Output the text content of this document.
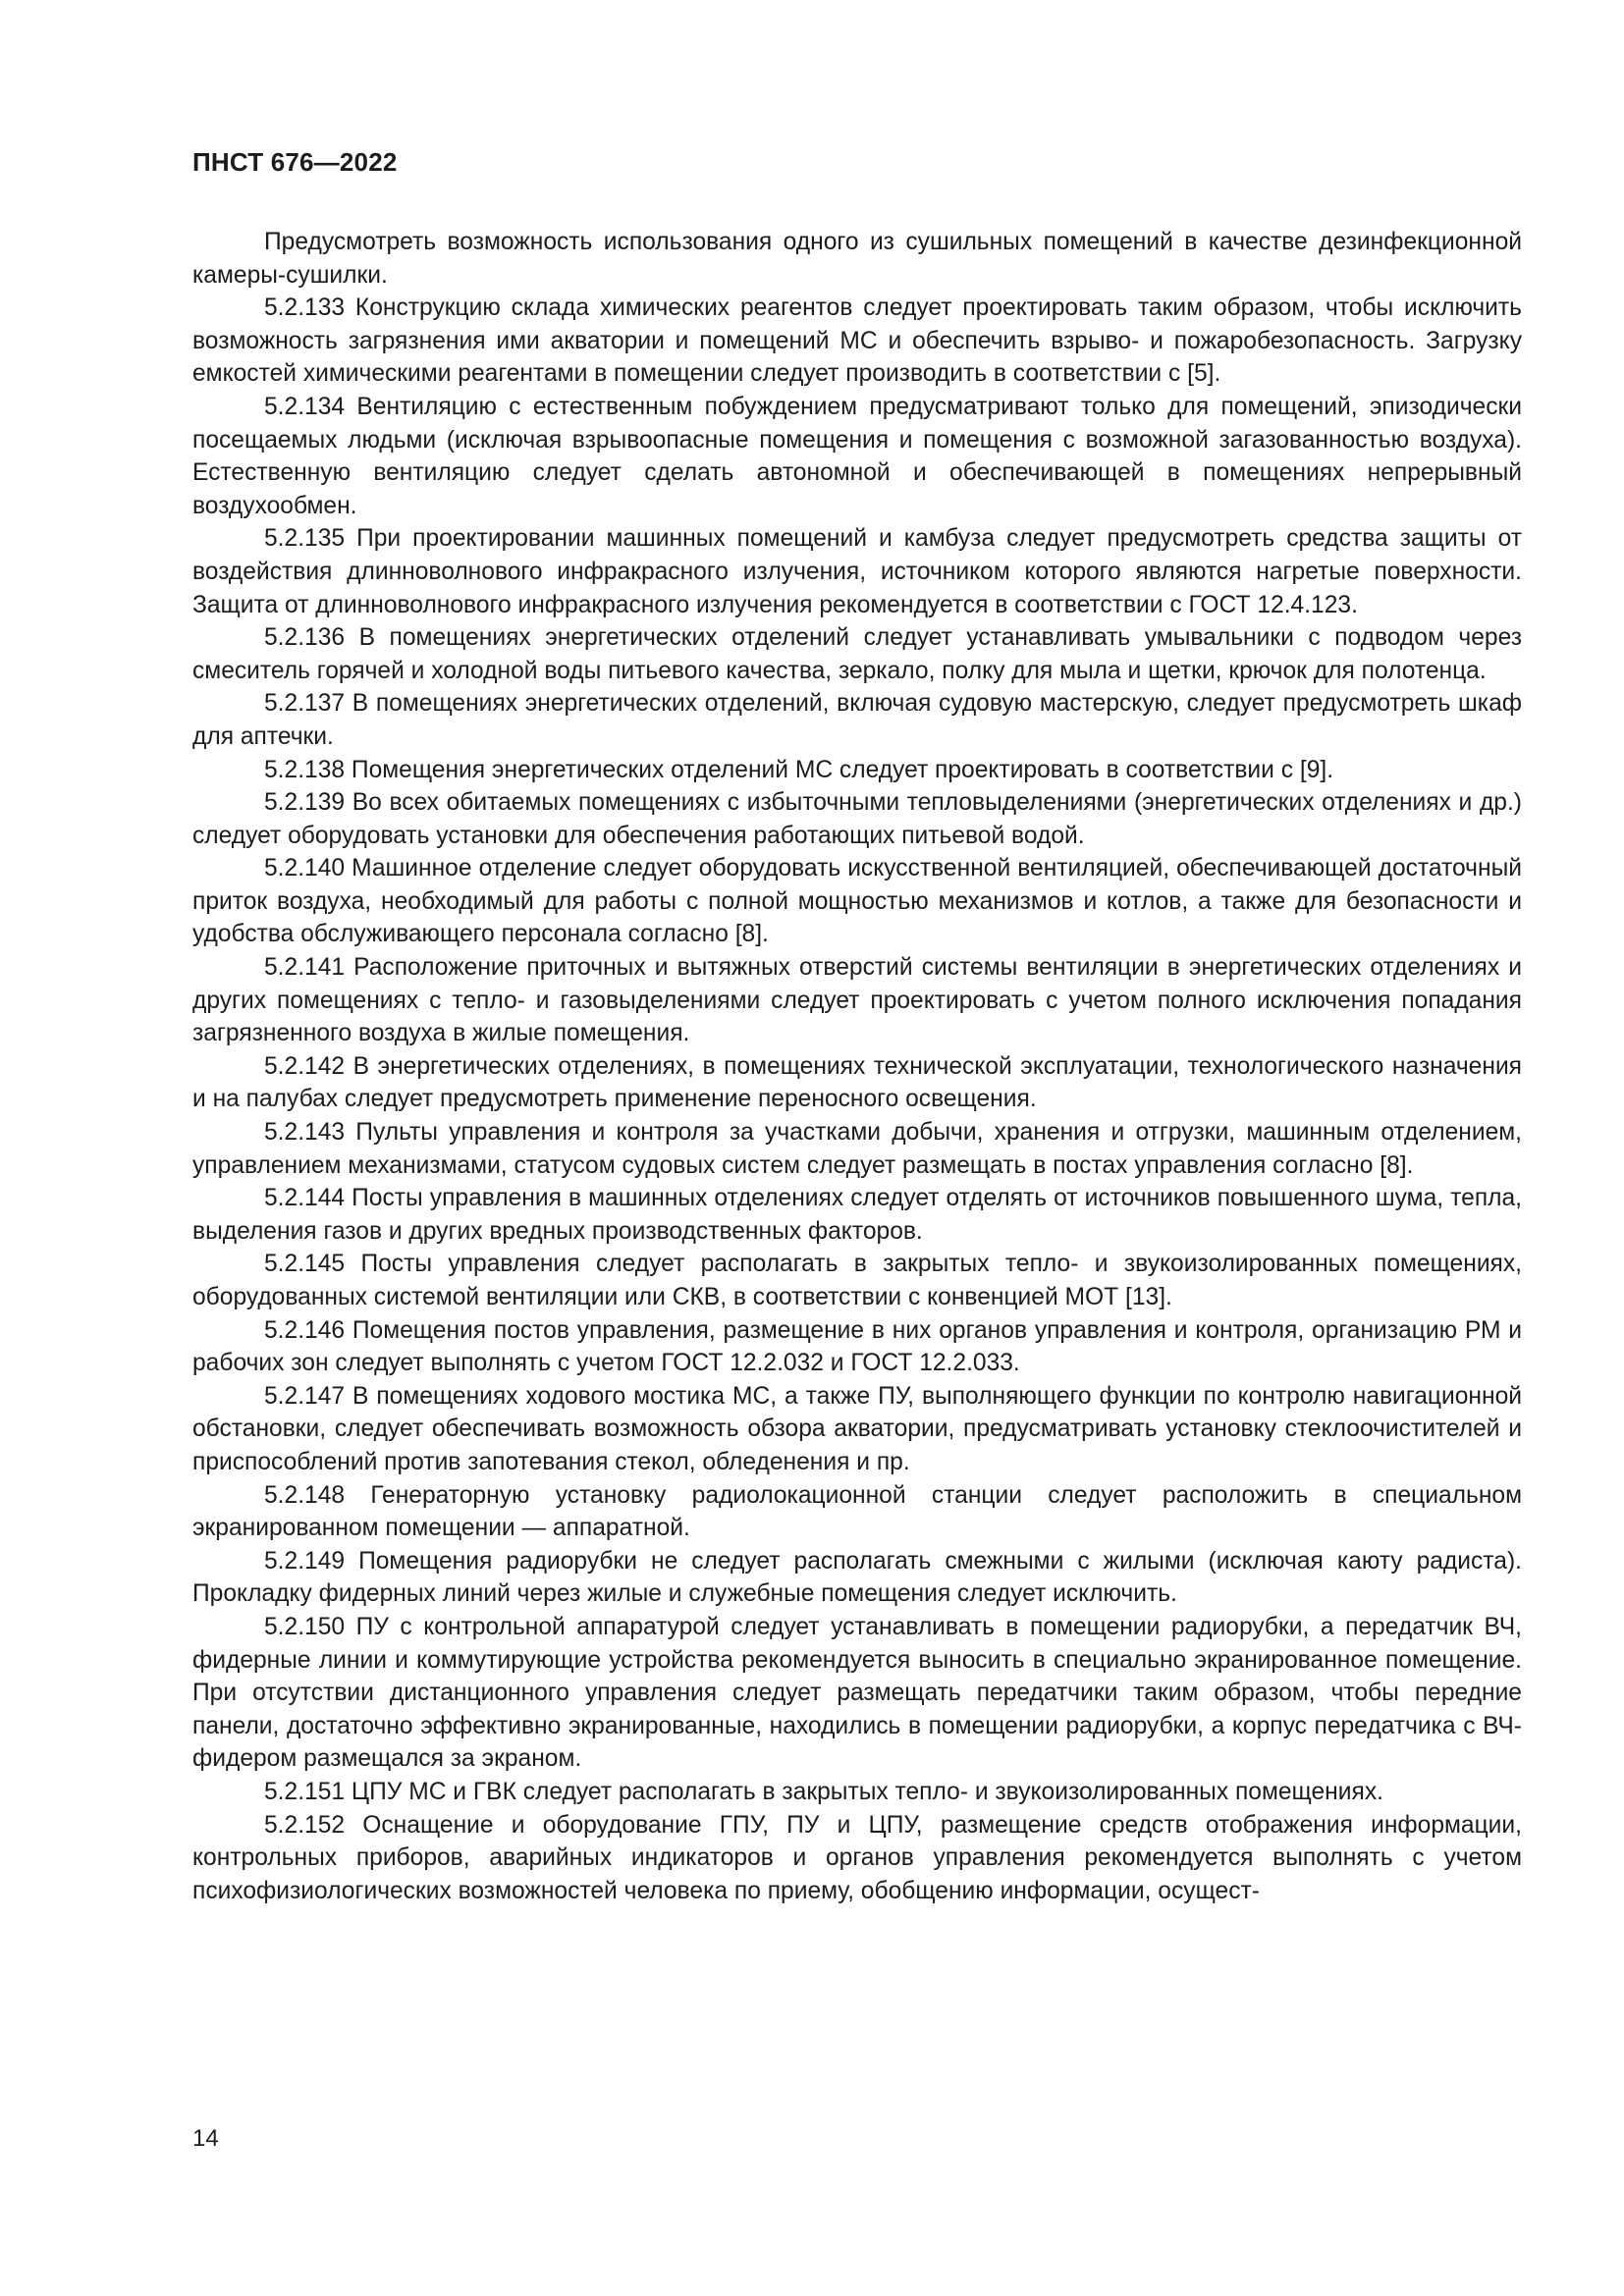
ПНСТ 676—2022

Предусмотреть возможность использования одного из сушильных помещений в качестве дезинфекционной камеры-сушилки.

5.2.133 Конструкцию склада химических реагентов следует проектировать таким образом, чтобы исключить возможность загрязнения ими акватории и помещений МС и обеспечить взрыво- и пожаробезопасность. Загрузку емкостей химическими реагентами в помещении следует производить в соответствии с [5].

5.2.134 Вентиляцию с естественным побуждением предусматривают только для помещений, эпизодически посещаемых людьми (исключая взрывоопасные помещения и помещения с возможной загазованностью воздуха). Естественную вентиляцию следует сделать автономной и обеспечивающей в помещениях непрерывный воздухообмен.

5.2.135 При проектировании машинных помещений и камбуза следует предусмотреть средства защиты от воздействия длинноволнового инфракрасного излучения, источником которого являются нагретые поверхности. Защита от длинноволнового инфракрасного излучения рекомендуется в соответствии с ГОСТ 12.4.123.

5.2.136 В помещениях энергетических отделений следует устанавливать умывальники с подводом через смеситель горячей и холодной воды питьевого качества, зеркало, полку для мыла и щетки, крючок для полотенца.

5.2.137 В помещениях энергетических отделений, включая судовую мастерскую, следует предусмотреть шкаф для аптечки.

5.2.138 Помещения энергетических отделений МС следует проектировать в соответствии с [9].

5.2.139 Во всех обитаемых помещениях с избыточными тепловыделениями (энергетических отделениях и др.) следует оборудовать установки для обеспечения работающих питьевой водой.

5.2.140 Машинное отделение следует оборудовать искусственной вентиляцией, обеспечивающей достаточный приток воздуха, необходимый для работы с полной мощностью механизмов и котлов, а также для безопасности и удобства обслуживающего персонала согласно [8].

5.2.141 Расположение приточных и вытяжных отверстий системы вентиляции в энергетических отделениях и других помещениях с тепло- и газовыделениями следует проектировать с учетом полного исключения попадания загрязненного воздуха в жилые помещения.

5.2.142 В энергетических отделениях, в помещениях технической эксплуатации, технологического назначения и на палубах следует предусмотреть применение переносного освещения.

5.2.143 Пульты управления и контроля за участками добычи, хранения и отгрузки, машинным отделением, управлением механизмами, статусом судовых систем следует размещать в постах управления согласно [8].

5.2.144 Посты управления в машинных отделениях следует отделять от источников повышенного шума, тепла, выделения газов и других вредных производственных факторов.

5.2.145 Посты управления следует располагать в закрытых тепло- и звукоизолированных помещениях, оборудованных системой вентиляции или СКВ, в соответствии с конвенцией МОТ [13].

5.2.146 Помещения постов управления, размещение в них органов управления и контроля, организацию РМ и рабочих зон следует выполнять с учетом ГОСТ 12.2.032 и ГОСТ 12.2.033.

5.2.147 В помещениях ходового мостика МС, а также ПУ, выполняющего функции по контролю навигационной обстановки, следует обеспечивать возможность обзора акватории, предусматривать установку стеклоочистителей и приспособлений против запотевания стекол, обледенения и пр.

5.2.148 Генераторную установку радиолокационной станции следует расположить в специальном экранированном помещении — аппаратной.

5.2.149 Помещения радиорубки не следует располагать смежными с жилыми (исключая каюту радиста). Прокладку фидерных линий через жилые и служебные помещения следует исключить.

5.2.150 ПУ с контрольной аппаратурой следует устанавливать в помещении радиорубки, а передатчик ВЧ, фидерные линии и коммутирующие устройства рекомендуется выносить в специально экранированное помещение. При отсутствии дистанционного управления следует размещать передатчики таким образом, чтобы передние панели, достаточно эффективно экранированные, находились в помещении радиорубки, а корпус передатчика с ВЧ-фидером размещался за экраном.

5.2.151 ЦПУ МС и ГВК следует располагать в закрытых тепло- и звукоизолированных помещениях.

5.2.152 Оснащение и оборудование ГПУ, ПУ и ЦПУ, размещение средств отображения информации, контрольных приборов, аварийных индикаторов и органов управления рекомендуется выполнять с учетом психофизиологических возможностей человека по приему, обобщению информации, осущест-

14
